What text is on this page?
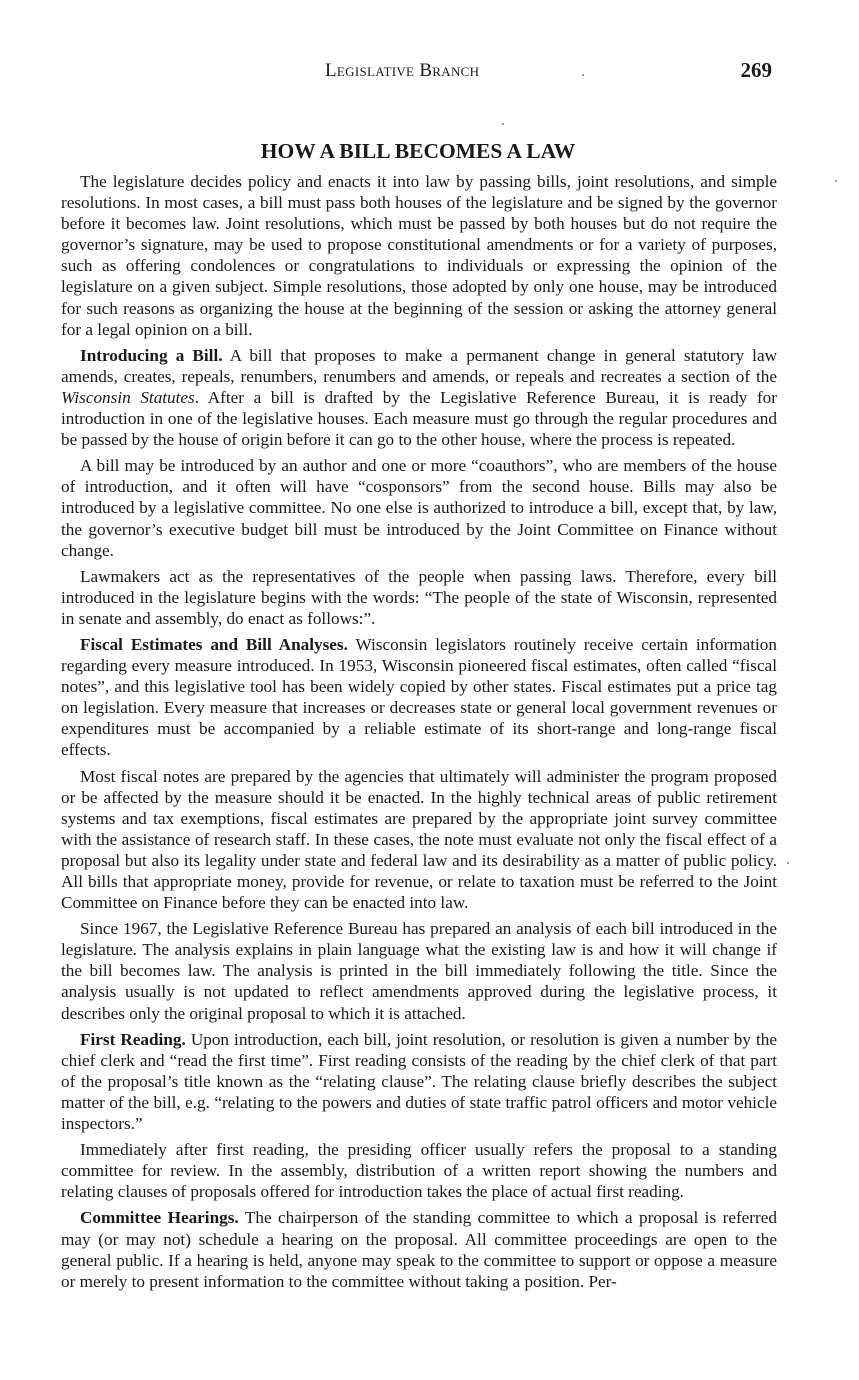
Legislative Branch	269
HOW A BILL BECOMES A LAW

The legislature decides policy and enacts it into law by passing bills, joint resolutions, and simple resolutions. In most cases, a bill must pass both houses of the legislature and be signed by the governor before it becomes law. Joint resolutions, which must be passed by both houses but do not require the governor’s signature, may be used to propose constitutional amendments or for a variety of purposes, such as offering condolences or congratulations to individuals or expressing the opinion of the legislature on a given subject. Simple resolutions, those adopted by only one house, may be introduced for such reasons as organizing the house at the beginning of the session or asking the attorney general for a legal opinion on a bill.

Introducing a Bill. A bill that proposes to make a permanent change in general statutory law amends, creates, repeals, renumbers, renumbers and amends, or repeals and recreates a section of the Wisconsin Statutes. After a bill is drafted by the Legislative Reference Bureau, it is ready for introduction in one of the legislative houses. Each measure must go through the regular procedures and be passed by the house of origin before it can go to the other house, where the process is repeated.

A bill may be introduced by an author and one or more “coauthors”, who are members of the house of introduction, and it often will have “cosponsors” from the second house. Bills may also be introduced by a legislative committee. No one else is authorized to introduce a bill, except that, by law, the governor’s executive budget bill must be introduced by the Joint Committee on Finance without change.

Lawmakers act as the representatives of the people when passing laws. Therefore, every bill introduced in the legislature begins with the words: “The people of the state of Wisconsin, represented in senate and assembly, do enact as follows:”.

Fiscal Estimates and Bill Analyses. Wisconsin legislators routinely receive certain information regarding every measure introduced. In 1953, Wisconsin pioneered fiscal estimates, often called “fiscal notes”, and this legislative tool has been widely copied by other states. Fiscal estimates put a price tag on legislation. Every measure that increases or decreases state or general local government revenues or expenditures must be accompanied by a reliable estimate of its short-range and long-range fiscal effects.

Most fiscal notes are prepared by the agencies that ultimately will administer the program proposed or be affected by the measure should it be enacted. In the highly technical areas of public retirement systems and tax exemptions, fiscal estimates are prepared by the appropriate joint survey committee with the assistance of research staff. In these cases, the note must evaluate not only the fiscal effect of a proposal but also its legality under state and federal law and its desirability as a matter of public policy. All bills that appropriate money, provide for revenue, or relate to taxation must be referred to the Joint Committee on Finance before they can be enacted into law.

Since 1967, the Legislative Reference Bureau has prepared an analysis of each bill introduced in the legislature. The analysis explains in plain language what the existing law is and how it will change if the bill becomes law. The analysis is printed in the bill immediately following the title. Since the analysis usually is not updated to reflect amendments approved during the legislative process, it describes only the original proposal to which it is attached.

First Reading. Upon introduction, each bill, joint resolution, or resolution is given a number by the chief clerk and “read the first time”. First reading consists of the reading by the chief clerk of that part of the proposal’s title known as the “relating clause”. The relating clause briefly describes the subject matter of the bill, e.g. “relating to the powers and duties of state traffic patrol officers and motor vehicle inspectors.”

Immediately after first reading, the presiding officer usually refers the proposal to a standing committee for review. In the assembly, distribution of a written report showing the numbers and relating clauses of proposals offered for introduction takes the place of actual first reading.

Committee Hearings. The chairperson of the standing committee to which a proposal is referred may (or may not) schedule a hearing on the proposal. All committee proceedings are open to the general public. If a hearing is held, anyone may speak to the committee to support or oppose a measure or merely to present information to the committee without taking a position. Per-
